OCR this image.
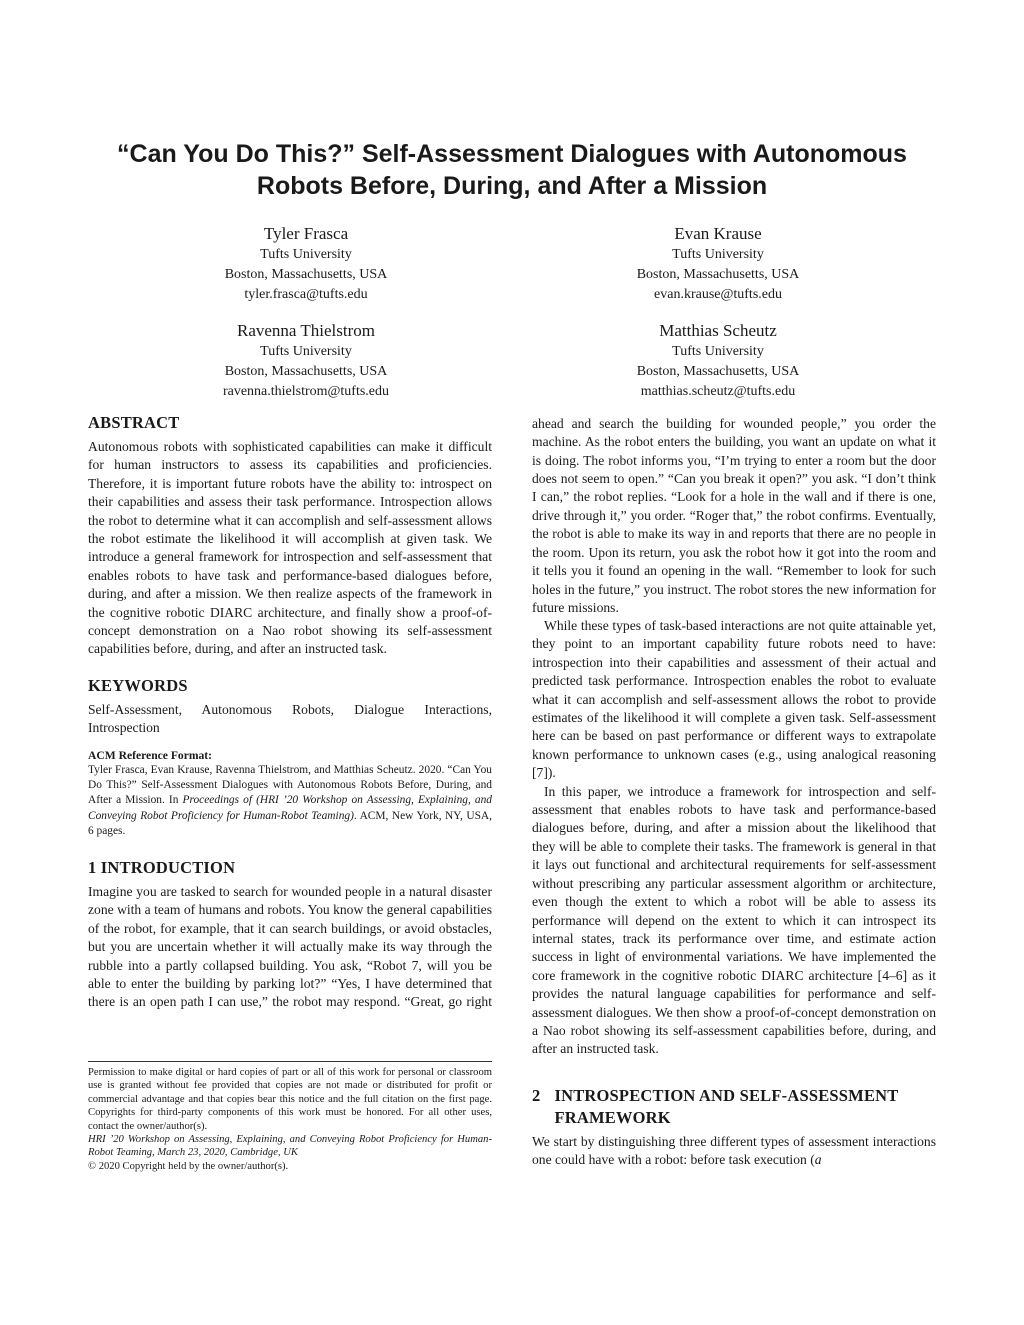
“Can You Do This?” Self-Assessment Dialogues with Autonomous
Robots Before, During, and After a Mission
Tyler Frasca
Tufts University
Boston, Massachusetts, USA
tyler.frasca@tufts.edu
Evan Krause
Tufts University
Boston, Massachusetts, USA
evan.krause@tufts.edu
Ravenna Thielstrom
Tufts University
Boston, Massachusetts, USA
ravenna.thielstrom@tufts.edu
Matthias Scheutz
Tufts University
Boston, Massachusetts, USA
matthias.scheutz@tufts.edu
ABSTRACT

Autonomous robots with sophisticated capabilities can make it difficult for human instructors to assess its capabilities and proficiencies. Therefore, it is important future robots have the ability to: introspect on their capabilities and assess their task performance. Introspection allows the robot to determine what it can accomplish and self-assessment allows the robot estimate the likelihood it will accomplish at given task. We introduce a general framework for introspection and self-assessment that enables robots to have task and performance-based dialogues before, during, and after a mission. We then realize aspects of the framework in the cognitive robotic DIARC architecture, and finally show a proof-of-concept demonstration on a Nao robot showing its self-assessment capabilities before, during, and after an instructed task.

KEYWORDS

Self-Assessment, Autonomous Robots, Dialogue Interactions, Introspection

ACM Reference Format:
Tyler Frasca, Evan Krause, Ravenna Thielstrom, and Matthias Scheutz. 2020. “Can You Do This?” Self-Assessment Dialogues with Autonomous Robots Before, During, and After a Mission. In Proceedings of (HRI ’20 Workshop on Assessing, Explaining, and Conveying Robot Proficiency for Human-Robot Teaming). ACM, New York, NY, USA, 6 pages.
1 INTRODUCTION

Imagine you are tasked to search for wounded people in a natural disaster zone with a team of humans and robots. You know the general capabilities of the robot, for example, that it can search buildings, or avoid obstacles, but you are uncertain whether it will actually make its way through the rubble into a partly collapsed building. You ask, “Robot 7, will you be able to enter the building by parking lot?” “Yes, I have determined that there is an open path I can use,” the robot may respond. “Great, go right

ahead and search the building for wounded people,” you order the machine. As the robot enters the building, you want an update on what it is doing. The robot informs you, “I’m trying to enter a room but the door does not seem to open.” “Can you break it open?” you ask. “I don’t think I can,” the robot replies. “Look for a hole in the wall and if there is one, drive through it,” you order. “Roger that,” the robot confirms. Eventually, the robot is able to make its way in and reports that there are no people in the room. Upon its return, you ask the robot how it got into the room and it tells you it found an opening in the wall. “Remember to look for such holes in the future,” you instruct. The robot stores the new information for future missions.

While these types of task-based interactions are not quite attainable yet, they point to an important capability future robots need to have: introspection into their capabilities and assessment of their actual and predicted task performance. Introspection enables the robot to evaluate what it can accomplish and self-assessment allows the robot to provide estimates of the likelihood it will complete a given task. Self-assessment here can be based on past performance or different ways to extrapolate known performance to unknown cases (e.g., using analogical reasoning [7]).

In this paper, we introduce a framework for introspection and self-assessment that enables robots to have task and performance-based dialogues before, during, and after a mission about the likelihood that they will be able to complete their tasks. The framework is general in that it lays out functional and architectural requirements for self-assessment without prescribing any particular assessment algorithm or architecture, even though the extent to which a robot will be able to assess its performance will depend on the extent to which it can introspect its internal states, track its performance over time, and estimate action success in light of environmental variations. We have implemented the core framework in the cognitive robotic DIARC architecture [4–6] as it provides the natural language capabilities for performance and self-assessment dialogues. We then show a proof-of-concept demonstration on a Nao robot showing its self-assessment capabilities before, during, and after an instructed task.

2 INTROSPECTION AND SELF-ASSESSMENT FRAMEWORK

We start by distinguishing three different types of assessment interactions one could have with a robot: before task execution (a

Permission to make digital or hard copies of part or all of this work for personal or classroom use is granted without fee provided that copies are not made or distributed for profit or commercial advantage and that copies bear this notice and the full citation on the first page. Copyrights for third-party components of this work must be honored. For all other uses, contact the owner/author(s).
HRI ’20 Workshop on Assessing, Explaining, and Conveying Robot Proficiency for Human-Robot Teaming, March 23, 2020, Cambridge, UK
© 2020 Copyright held by the owner/author(s).
